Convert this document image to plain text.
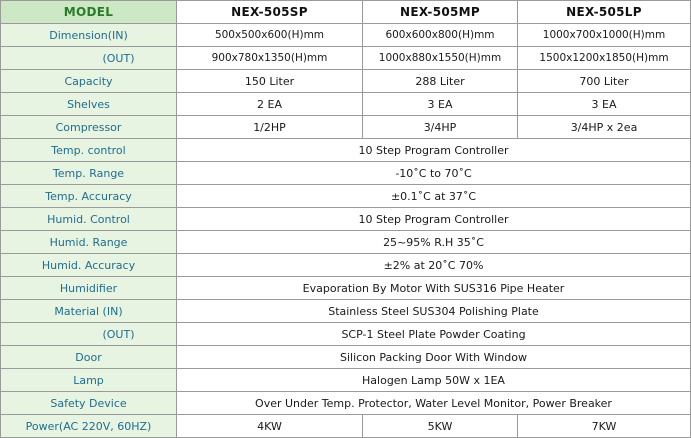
MODEL	NEX-505SP	NEX-505MP	NEX-505LP
Dimension(IN)	500x500x600(H)mm	600x600x800(H)mm	1000x700x1000(H)mm
(OUT)	900x780x1350(H)mm	1000x880x1550(H)mm	1500x1200x1850(H)mm
Capacity	150 Liter	288 Liter	700 Liter
Shelves	2 EA	3 EA	3 EA
Compressor	1/2HP	3/4HP	3/4HP x 2ea
Temp. control	10 Step Program Controller		
Temp. Range	-10˚C to 70˚C		
Temp. Accuracy	±0.1˚C at 37˚C		
Humid. Control	10 Step Program Controller		
Humid. Range	25~95% R.H 35˚C		
Humid. Accuracy	±2% at 20˚C 70%		
Humidifier	Evaporation By Motor With SUS316 Pipe Heater		
Material (IN)	Stainless Steel SUS304 Polishing Plate		
(OUT)	SCP-1 Steel Plate Powder Coating		
Door	Silicon Packing Door With Window		
Lamp	Halogen Lamp 50W x 1EA		
Safety Device	Over Under Temp. Protector, Water Level Monitor, Power Breaker		
Power(AC 220V, 60HZ)	4KW	5KW	7KW
